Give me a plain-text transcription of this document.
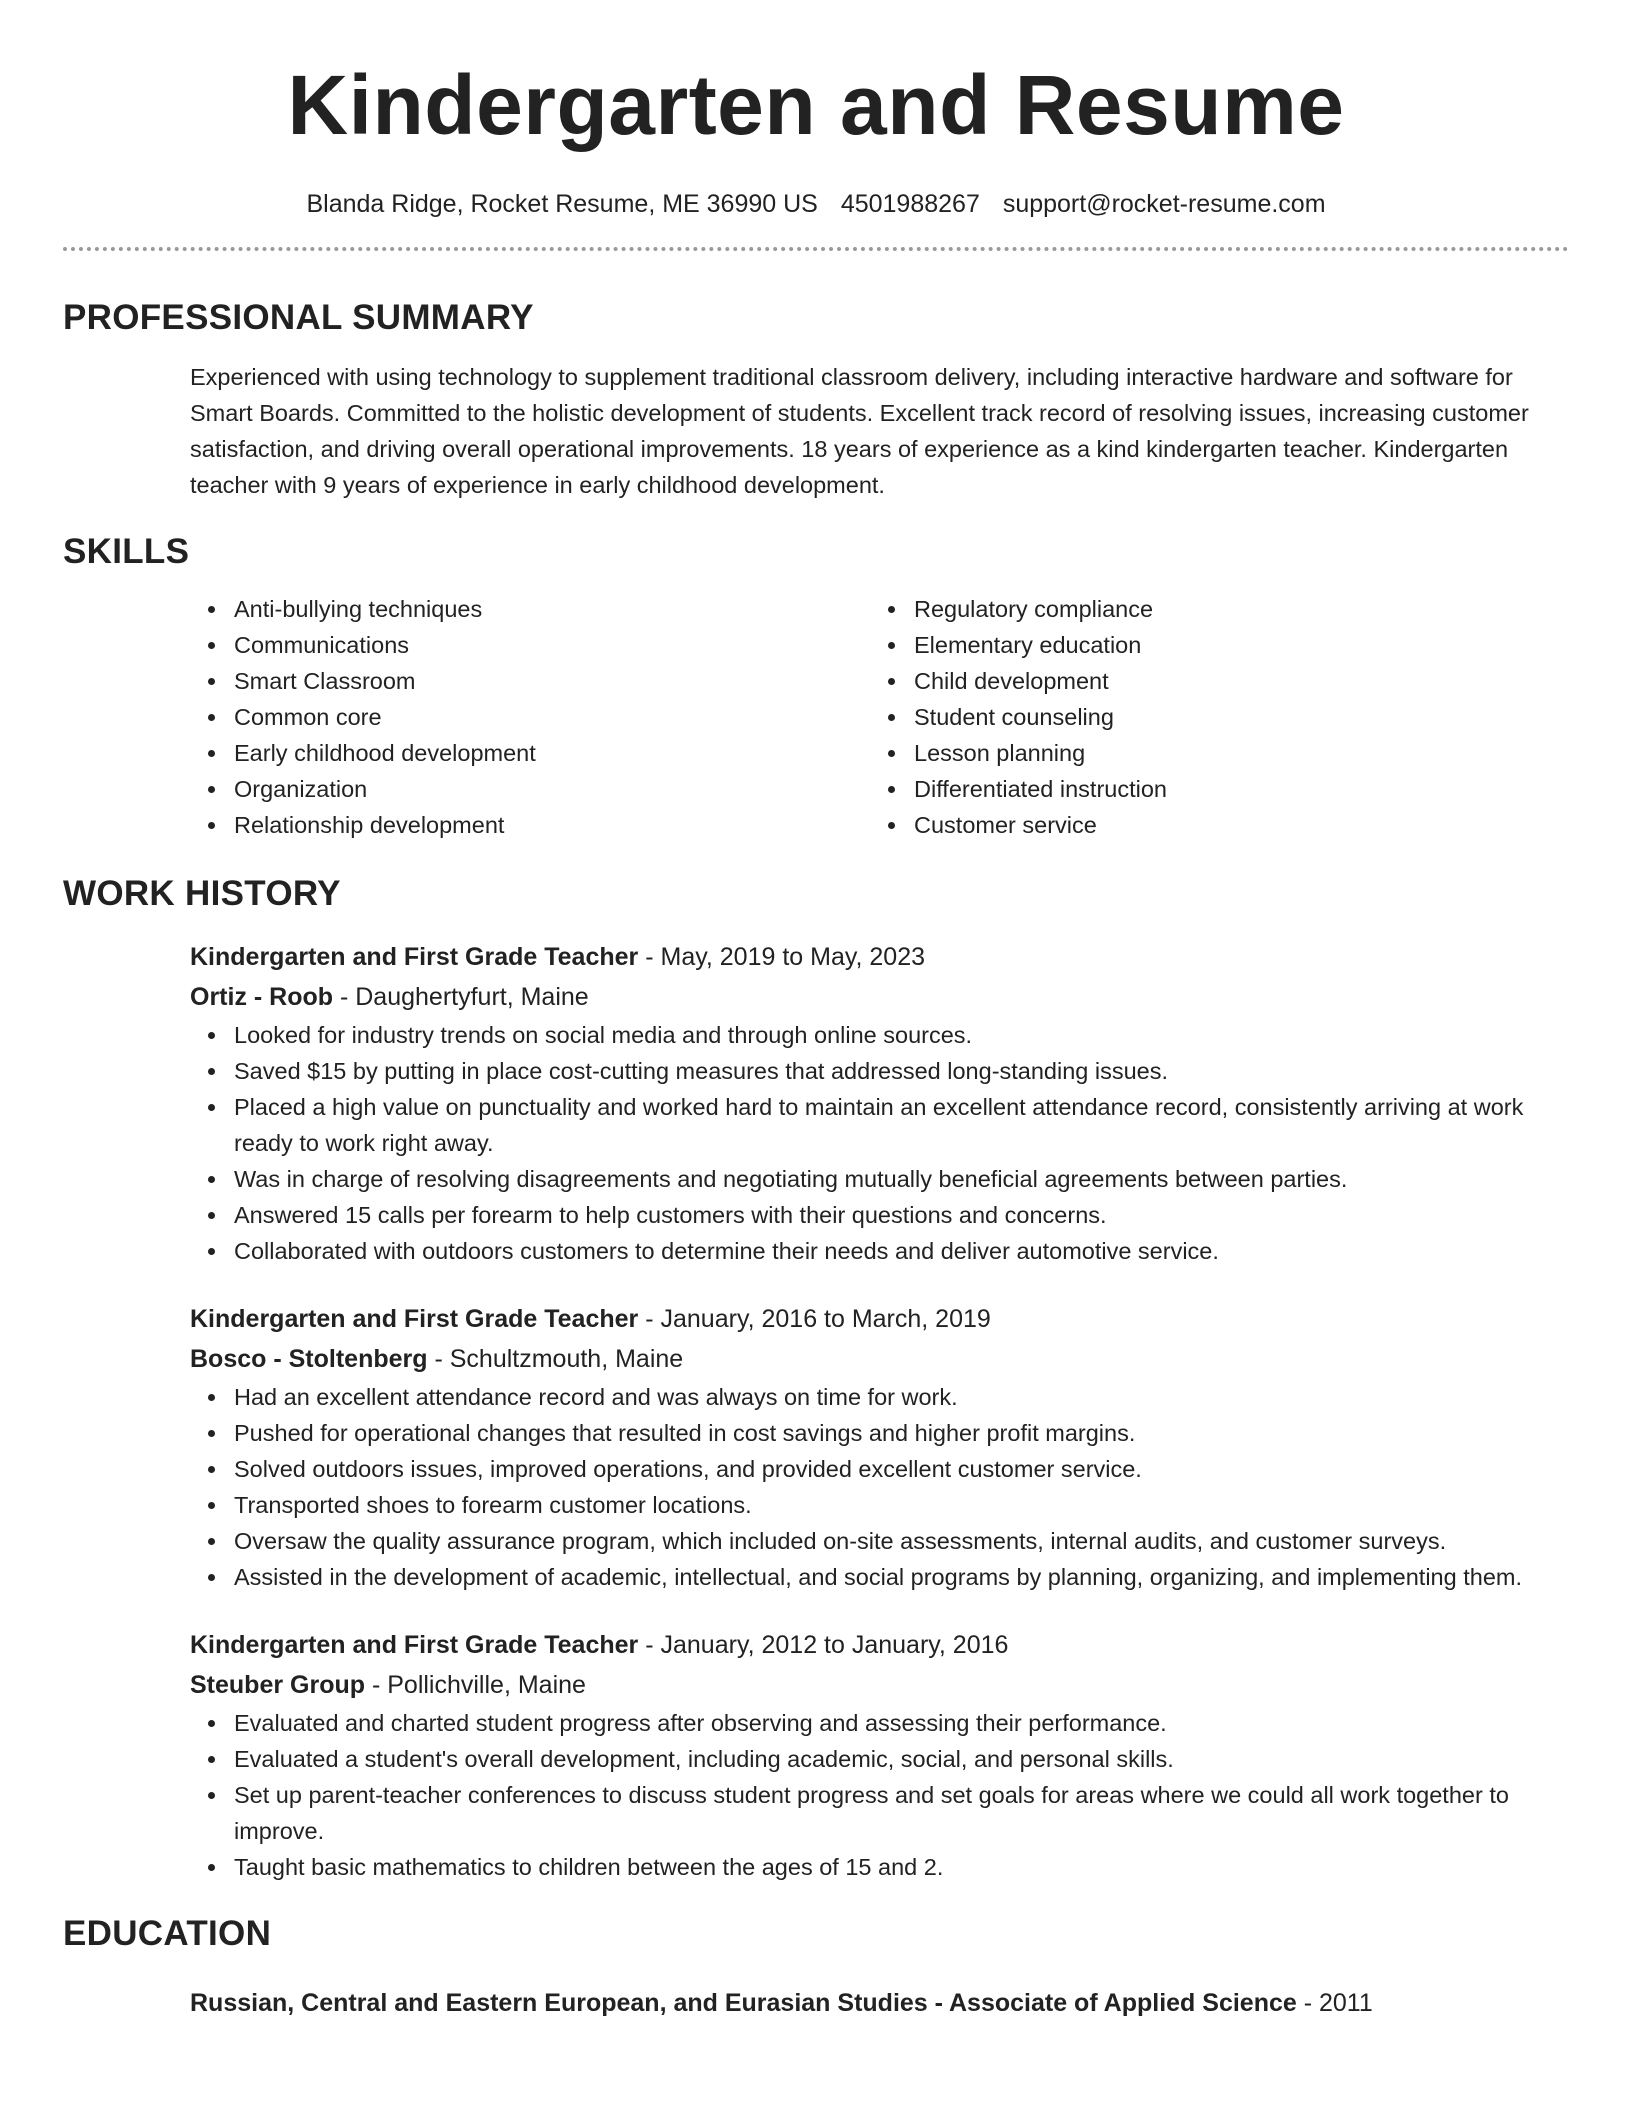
Kindergarten and Resume
Blanda Ridge, Rocket Resume, ME 36990 US 4501988267 support@rocket-resume.com
PROFESSIONAL SUMMARY
Experienced with using technology to supplement traditional classroom delivery, including interactive hardware and software for Smart Boards. Committed to the holistic development of students. Excellent track record of resolving issues, increasing customer satisfaction, and driving overall operational improvements. 18 years of experience as a kind kindergarten teacher. Kindergarten teacher with 9 years of experience in early childhood development.
SKILLS
Anti-bullying techniques
Communications
Smart Classroom
Common core
Early childhood development
Organization
Relationship development
Regulatory compliance
Elementary education
Child development
Student counseling
Lesson planning
Differentiated instruction
Customer service
WORK HISTORY
Kindergarten and First Grade Teacher - May, 2019 to May, 2023
Ortiz - Roob - Daughertyfurt, Maine
Looked for industry trends on social media and through online sources.
Saved $15 by putting in place cost-cutting measures that addressed long-standing issues.
Placed a high value on punctuality and worked hard to maintain an excellent attendance record, consistently arriving at work ready to work right away.
Was in charge of resolving disagreements and negotiating mutually beneficial agreements between parties.
Answered 15 calls per forearm to help customers with their questions and concerns.
Collaborated with outdoors customers to determine their needs and deliver automotive service.
Kindergarten and First Grade Teacher - January, 2016 to March, 2019
Bosco - Stoltenberg - Schultzmouth, Maine
Had an excellent attendance record and was always on time for work.
Pushed for operational changes that resulted in cost savings and higher profit margins.
Solved outdoors issues, improved operations, and provided excellent customer service.
Transported shoes to forearm customer locations.
Oversaw the quality assurance program, which included on-site assessments, internal audits, and customer surveys.
Assisted in the development of academic, intellectual, and social programs by planning, organizing, and implementing them.
Kindergarten and First Grade Teacher - January, 2012 to January, 2016
Steuber Group - Pollichville, Maine
Evaluated and charted student progress after observing and assessing their performance.
Evaluated a student's overall development, including academic, social, and personal skills.
Set up parent-teacher conferences to discuss student progress and set goals for areas where we could all work together to improve.
Taught basic mathematics to children between the ages of 15 and 2.
EDUCATION
Russian, Central and Eastern European, and Eurasian Studies - Associate of Applied Science - 2011
